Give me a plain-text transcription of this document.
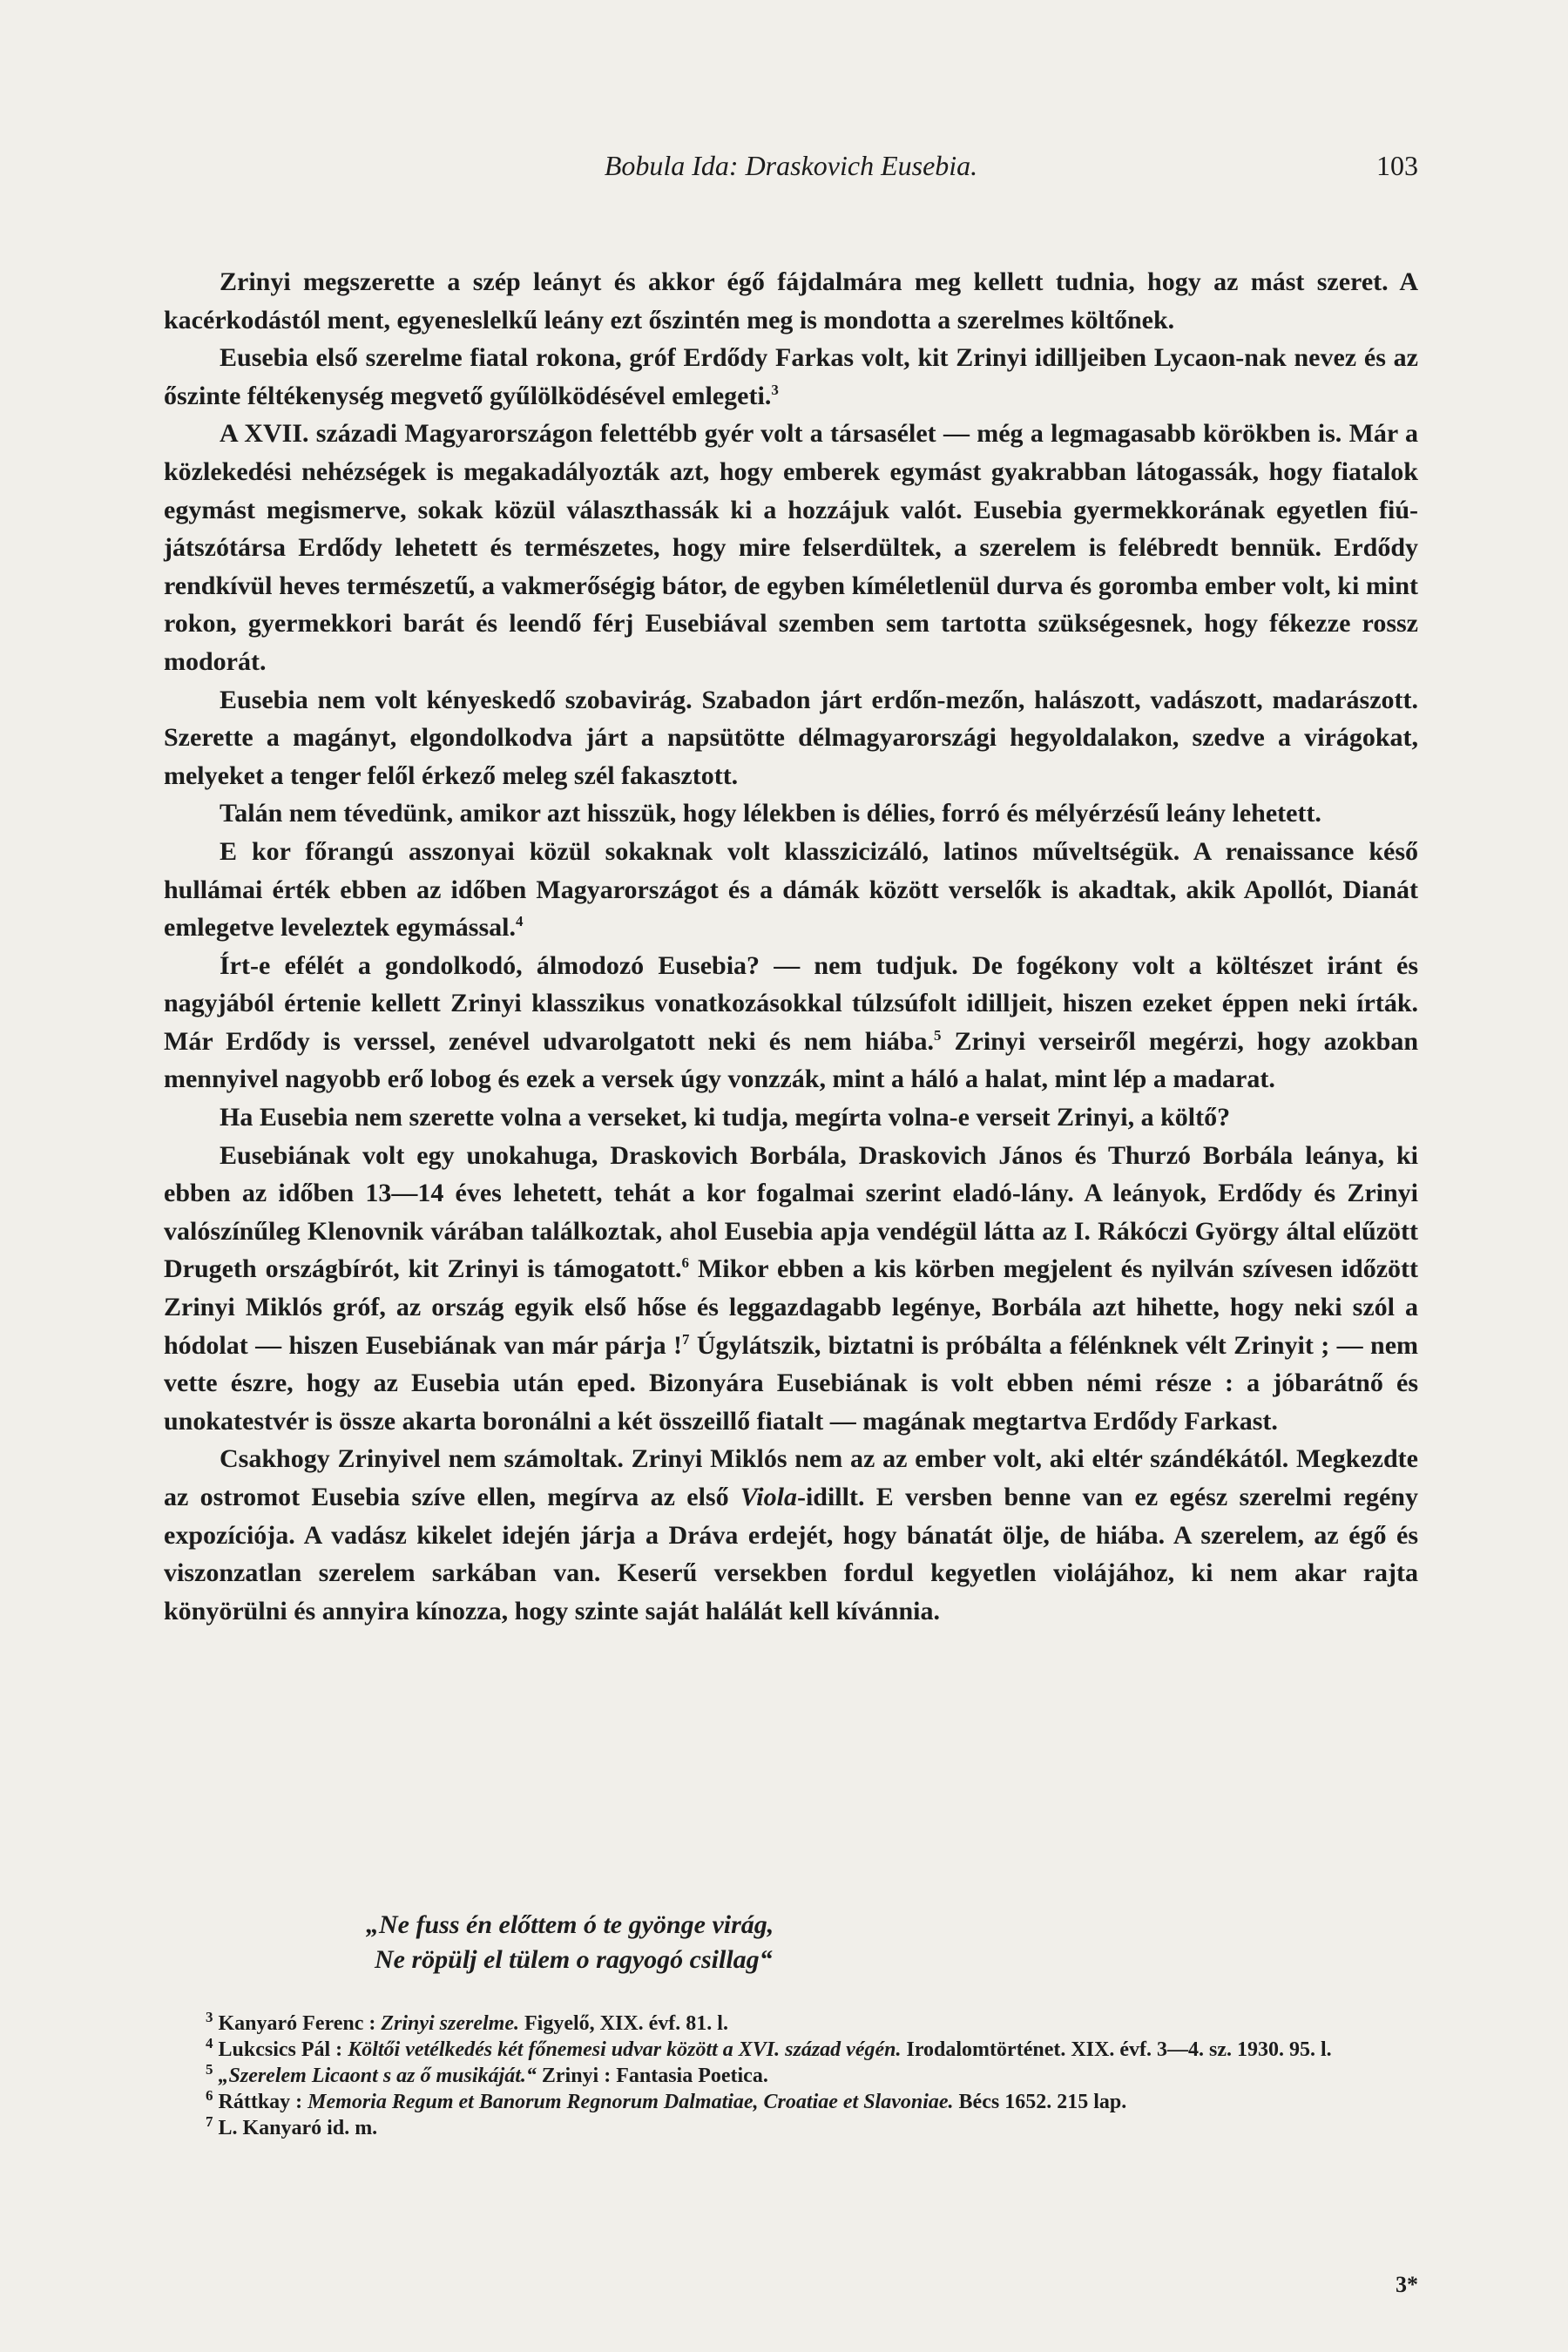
Bobula Ida: Draskovich Eusebia.	103

Zrinyi megszerette a szép leányt és akkor égő fájdalmára meg kellett tudnia, hogy az mást szeret. A kacérkodástól ment, egyeneslelkű leány ezt őszintén meg is mondotta a szerelmes költőnek.

Eusebia első szerelme fiatal rokona, gróf Erdődy Farkas volt, kit Zrinyi idilljeiben Lycaon-nak nevez és az őszinte féltékenység megvető gyűlölködésével emlegeti.$^3$

A XVII. századi Magyarországon felettébb gyér volt a társasélet — még a legmagasabb körökben is. Már a közlekedési nehézségek is megakadályozták azt, hogy emberek egymást gyakrabban látogassák, hogy fiatalok egymást megismerve, sokak közül választhassák ki a hozzájuk valót. Eusebia gyermekkorának egyetlen fiú-játszótársa Erdődy lehetett és természetes, hogy mire felserdültek, a szerelem is felébredt bennük. Erdődy rendkívül heves természetű, a vakmerőségig bátor, de egyben kíméletlenül durva és goromba ember volt, ki mint rokon, gyermekkori barát és leendő férj Eusebiával szemben sem tartotta szükségesnek, hogy fékezze rossz modorát.

Eusebia nem volt kényeskedő szobavirág. Szabadon járt erdőn-mezőn, halászott, vadászott, madarászott. Szerette a magányt, elgondolkodva járt a napsütötte délmagyarországi hegyoldalakon, szedve a virágokat, melyeket a tenger felől érkező meleg szél fakasztott.

Talán nem tévedünk, amikor azt hisszük, hogy lélekben is délies, forró és mélyérzésű leány lehetett.

E kor főrangú asszonyai közül sokaknak volt klasszicizáló, latinos műveltségük. A renaissance késő hullámai érték ebben az időben Magyarországot és a dámák között verselők is akadtak, akik Apollót, Dianát emlegetve leveleztek egymással.$^4$

Írt-e efélét a gondolkodó, álmodozó Eusebia? — nem tudjuk. De fogékony volt a költészet iránt és nagyjából értenie kellett Zrinyi klasszikus vonatkozásokkal túlzsúfolt idilljeit, hiszen ezeket éppen neki írták. Már Erdődy is verssel, zenével udvarolgatott neki és nem hiába.$^5$ Zrinyi verseiről megérzi, hogy azokban mennyivel nagyobb erő lobog és ezek a versek úgy vonzzák, mint a háló a halat, mint lép a madarat.

Ha Eusebia nem szerette volna a verseket, ki tudja, megírta volna-e verseit Zrinyi, a költő?

Eusebiának volt egy unokahuga, Draskovich Borbála, Draskovich János és Thurzó Borbála leánya, ki ebben az időben 13—14 éves lehetett, tehát a kor fogalmai szerint eladó-lány. A leányok, Erdődy és Zrinyi valószínűleg Klenovnik várában találkoztak, ahol Eusebia apja vendégül látta az I. Rákóczi György által elűzött Drugeth országbírót, kit Zrinyi is támogatott.$^6$ Mikor ebben a kis körben megjelent és nyilván szívesen időzött Zrinyi Miklós gróf, az ország egyik első hőse és leggazdagabb legénye, Borbála azt hihette, hogy neki szól a hódolat — hiszen Eusebiának van már párja !$^7$ Úgylátszik, biztatni is próbálta a félénknek vélt Zrinyit ; — nem vette észre, hogy az Eusebia után eped. Bizonyára Eusebiának is volt ebben némi része : a jóbarátnő és unokatestvér is össze akarta boronálni a két összeillő fiatalt — magának megtartva Erdődy Farkast.

Csakhogy Zrinyivel nem számoltak. Zrinyi Miklós nem az az ember volt, aki eltér szándékától. Megkezdte az ostromot Eusebia szíve ellen, megírva az első Viola-idillt. E versben benne van ez egész szerelmi regény expozíciója. A vadász kikelet idején járja a Dráva erdejét, hogy bánatát ölje, de hiába. A szerelem, az égő és viszonzatlan szerelem sarkában van. Keserű versekben fordul kegyetlen violájához, ki nem akar rajta könyörülni és annyira kínozza, hogy szinte saját halálát kell kívánnia.

„Ne fuss én előttem ó te gyönge virág,
Ne röpülj el tülem o ragyogó csillag“
$^3$ Kanyaró Ferenc : Zrinyi szerelme. Figyelő, XIX. évf. 81. l.
$^4$ Lukcsics Pál : Költői vetélkedés két főnemesi udvar között a XVI. század végén. Irodalomtörténet. XIX. évf. 3—4. sz. 1930. 95. l.
$^5$ „Szerelem Licaont s az ő musikáját.“ Zrinyi : Fantasia Poetica.
$^6$ Ráttkay : Memoria Regum et Banorum Regnorum Dalmatiae, Croatiae et Slavoniae. Bécs 1652. 215 lap.
$^7$ L. Kanyaró id. m.
3*
